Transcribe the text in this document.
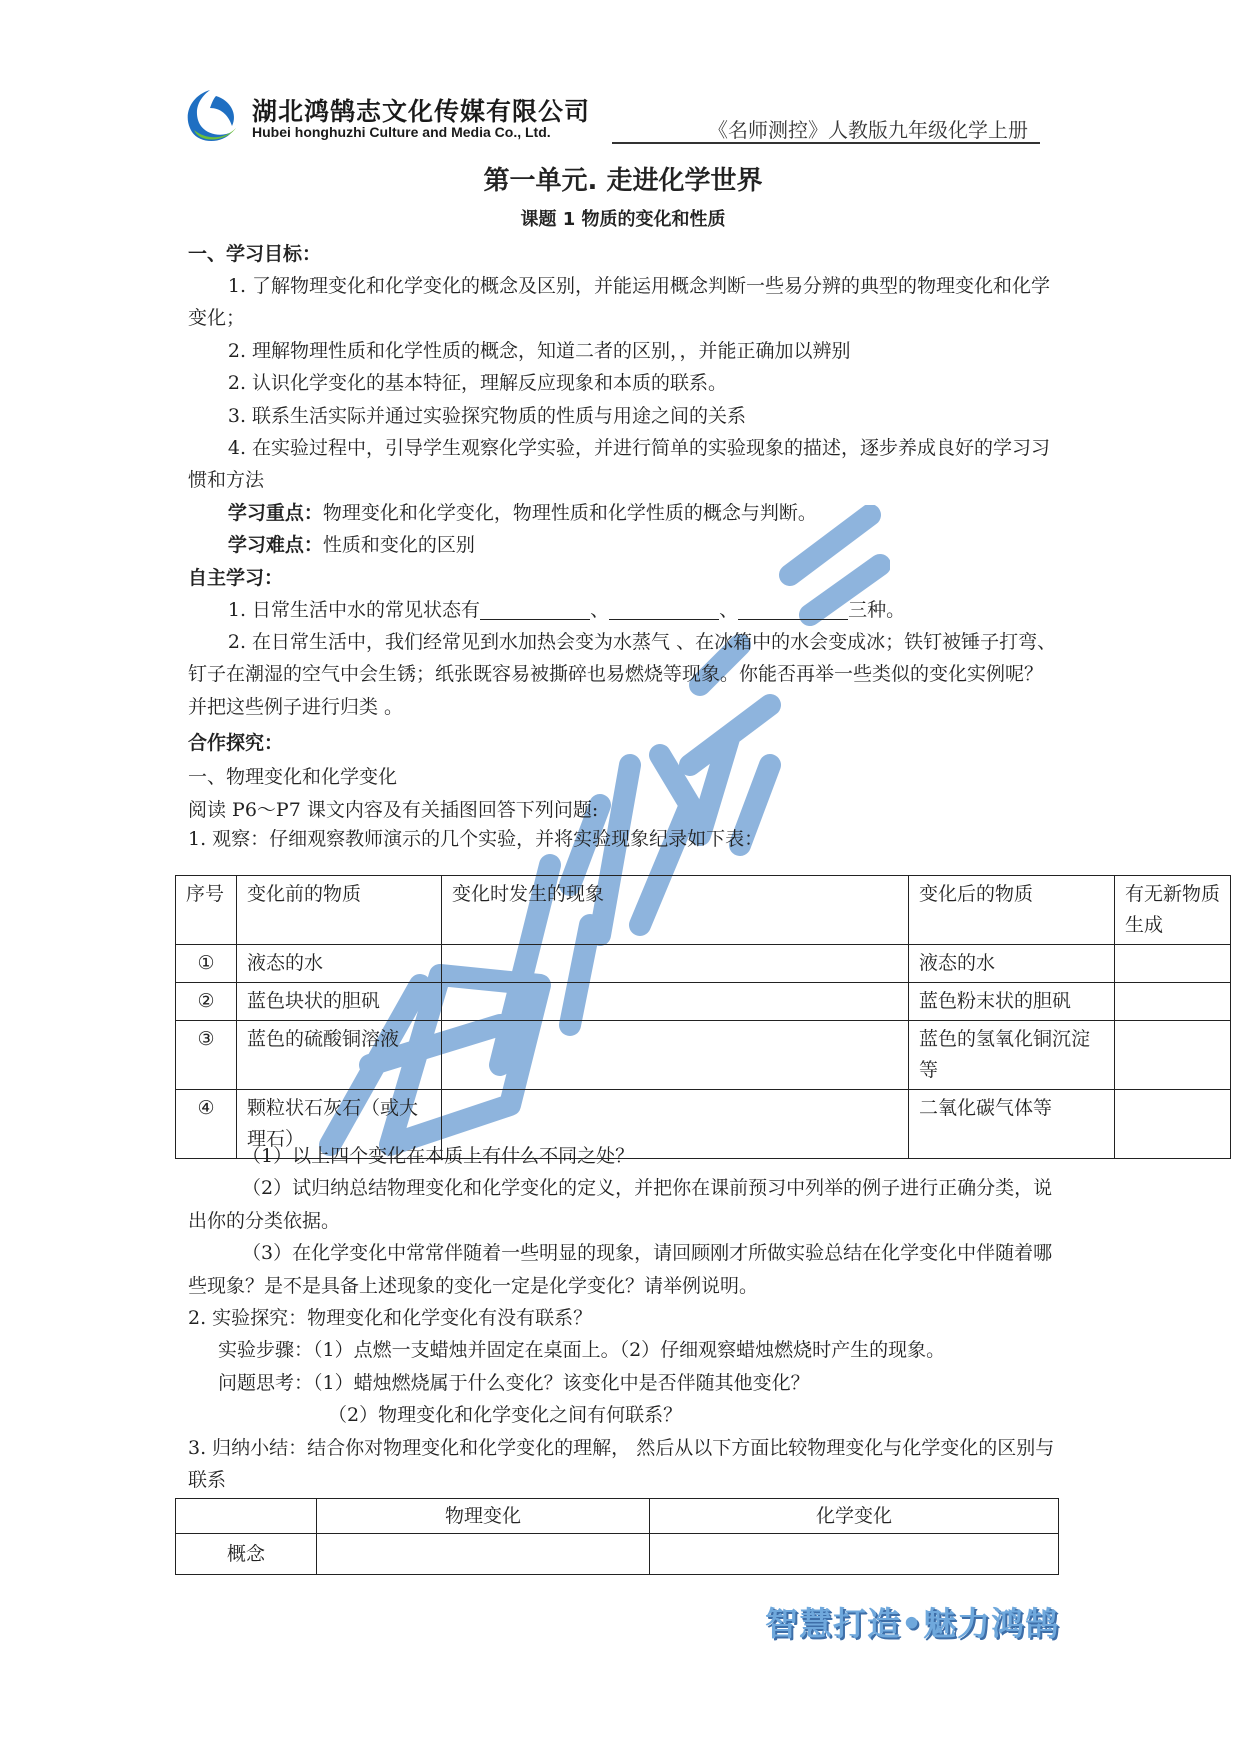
湖北鸿鹄志文化传媒有限公司
Hubei honghuzhi Culture and Media Co., Ltd.	《名师测控》人教版九年级化学上册
第一单元. 走进化学世界
课题 1 物质的变化和性质
一、学习目标：
1. 了解物理变化和化学变化的概念及区别，并能运用概念判断一些易分辨的典型的物理变化和化学变化；
2. 理解物理性质和化学性质的概念，知道二者的区别，，并能正确加以辨别
2. 认识化学变化的基本特征，理解反应现象和本质的联系。
3. 联系生活实际并通过实验探究物质的性质与用途之间的关系
4. 在实验过程中，引导学生观察化学实验，并进行简单的实验现象的描述，逐步养成良好的学习习惯和方法
学习重点：物理变化和化学变化，物理性质和化学性质的概念与判断。
学习难点：性质和变化的区别
自主学习：
1. 日常生活中水的常见状态有	、	、	三种。
2. 在日常生活中，我们经常见到水加热会变为水蒸气 、在冰箱中的水会变成冰；铁钉被锤子打弯、钉子在潮湿的空气中会生锈；纸张既容易被撕碎也易燃烧等现象。你能否再举一些类似的变化实例呢？并把这些例子进行归类 。
合作探究：
一、物理变化和化学变化
阅读 P6～P7 课文内容及有关插图回答下列问题:
1. 观察：仔细观察教师演示的几个实验，并将实验现象纪录如下表：
序号	变化前的物质	变化时发生的现象	变化后的物质	有无新物质生成
①	液态的水		液态的水	
②	蓝色块状的胆矾		蓝色粉末状的胆矾	
③	蓝色的硫酸铜溶液		蓝色的氢氧化铜沉淀等	
④	颗粒状石灰石（或大理石）		二氧化碳气体等	
（1）以上四个变化在本质上有什么不同之处？
（2）试归纳总结物理变化和化学变化的定义，并把你在课前预习中列举的例子进行正确分类，说出你的分类依据。
（3）在化学变化中常常伴随着一些明显的现象，请回顾刚才所做实验总结在化学变化中伴随着哪些现象？是不是具备上述现象的变化一定是化学变化？请举例说明。
2. 实验探究：物理变化和化学变化有没有联系？
实验步骤：（1）点燃一支蜡烛并固定在桌面上。（2）仔细观察蜡烛燃烧时产生的现象。
问题思考：（1）蜡烛燃烧属于什么变化？该变化中是否伴随其他变化？
（2）物理变化和化学变化之间有何联系？
3. 归纳小结：结合你对物理变化和化学变化的理解， 然后从以下方面比较物理变化与化学变化的区别与联系
	物理变化	化学变化
概念		
智慧打造•魅力鸿鹄
